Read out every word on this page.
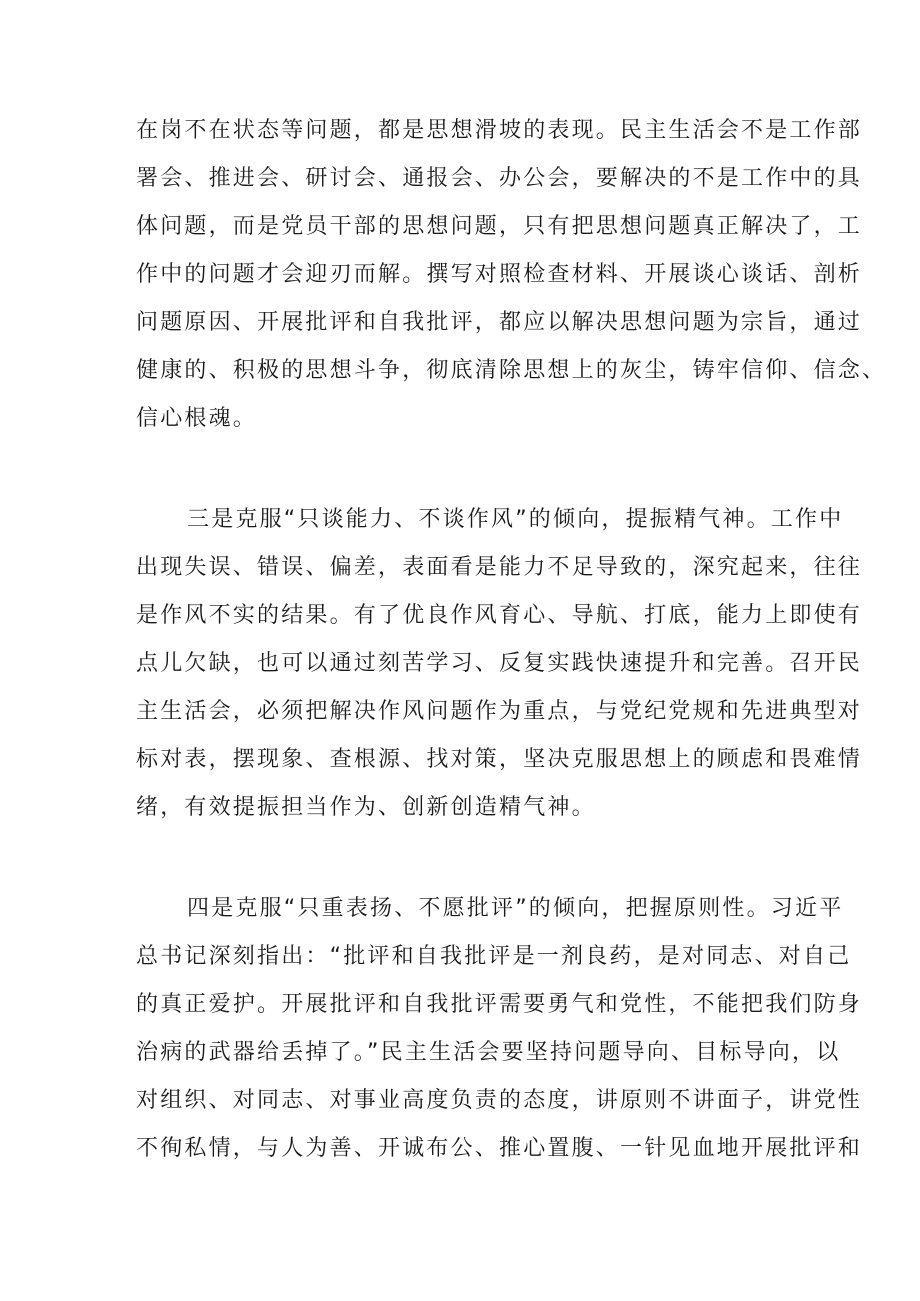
在岗不在状态等问题，都是思想滑坡的表现。民主生活会不是工作部
署会、推进会、研讨会、通报会、办公会，要解决的不是工作中的具
体问题，而是党员干部的思想问题，只有把思想问题真正解决了，工
作中的问题才会迎刃而解。撰写对照检查材料、开展谈心谈话、剖析
问题原因、开展批评和自我批评，都应以解决思想问题为宗旨，通过
健康的、积极的思想斗争，彻底清除思想上的灰尘，铸牢信仰、信念、
信心根魂。
三是克服“只谈能力、不谈作风”的倾向，提振精气神。工作中
出现失误、错误、偏差，表面看是能力不足导致的，深究起来，往往
是作风不实的结果。有了优良作风育心、导航、打底，能力上即使有
点儿欠缺，也可以通过刻苦学习、反复实践快速提升和完善。召开民
主生活会，必须把解决作风问题作为重点，与党纪党规和先进典型对
标对表，摆现象、查根源、找对策，坚决克服思想上的顾虑和畏难情
绪，有效提振担当作为、创新创造精气神。
四是克服“只重表扬、不愿批评”的倾向，把握原则性。习近平
总书记深刻指出：“批评和自我批评是一剂良药，是对同志、对自己
的真正爱护。开展批评和自我批评需要勇气和党性，不能把我们防身
治病的武器给丢掉了。”民主生活会要坚持问题导向、目标导向，以
对组织、对同志、对事业高度负责的态度，讲原则不讲面子，讲党性
不徇私情，与人为善、开诚布公、推心置腹、一针见血地开展批评和
